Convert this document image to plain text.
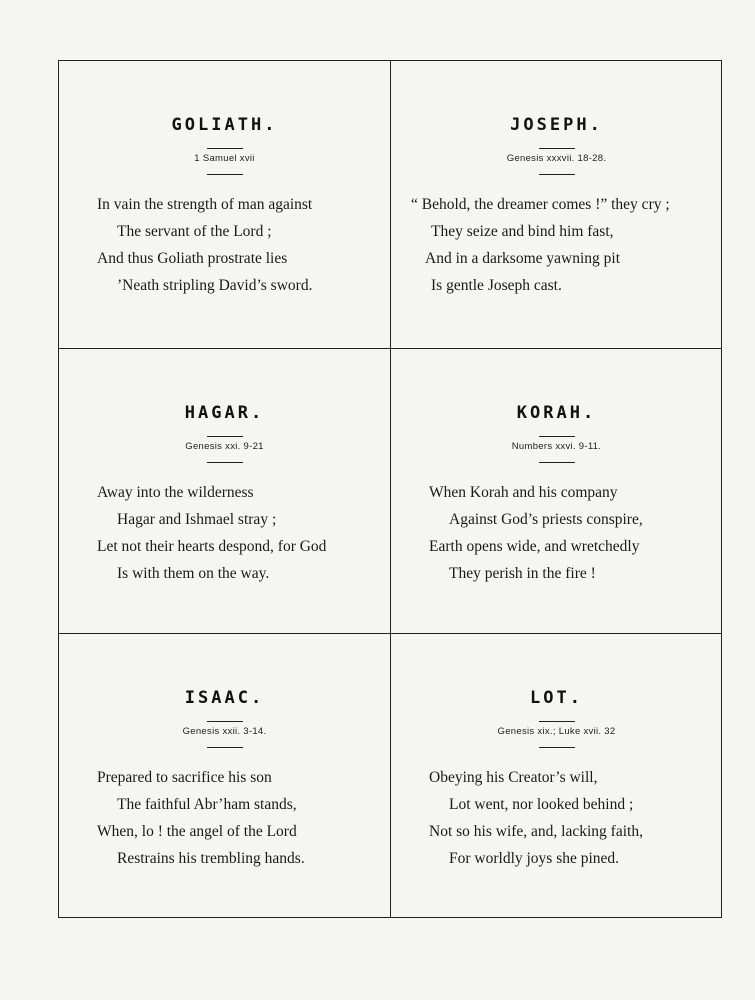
GOLIATH.
1 Samuel xvii
In vain the strength of man against
The servant of the Lord ;
And thus Goliath prostrate lies
’Neath stripling David’s sword.
JOSEPH.
Genesis xxxvii. 18-28.
“ Behold, the dreamer comes !” they cry ;
They seize and bind him fast,
And in a darksome yawning pit
Is gentle Joseph cast.
HAGAR.
Genesis xxi. 9-21
Away into the wilderness
Hagar and Ishmael stray ;
Let not their hearts despond, for God
Is with them on the way.
KORAH.
Numbers xxvi. 9-11.
When Korah and his company
Against God’s priests conspire,
Earth opens wide, and wretchedly
They perish in the fire !
ISAAC.
Genesis xxii. 3-14.
Prepared to sacrifice his son
The faithful Abr’ham stands,
When, lo ! the angel of the Lord
Restrains his trembling hands.
LOT.
Genesis xix.; Luke xvii. 32
Obeying his Creator’s will,
Lot went, nor looked behind ;
Not so his wife, and, lacking faith,
For worldly joys she pined.
